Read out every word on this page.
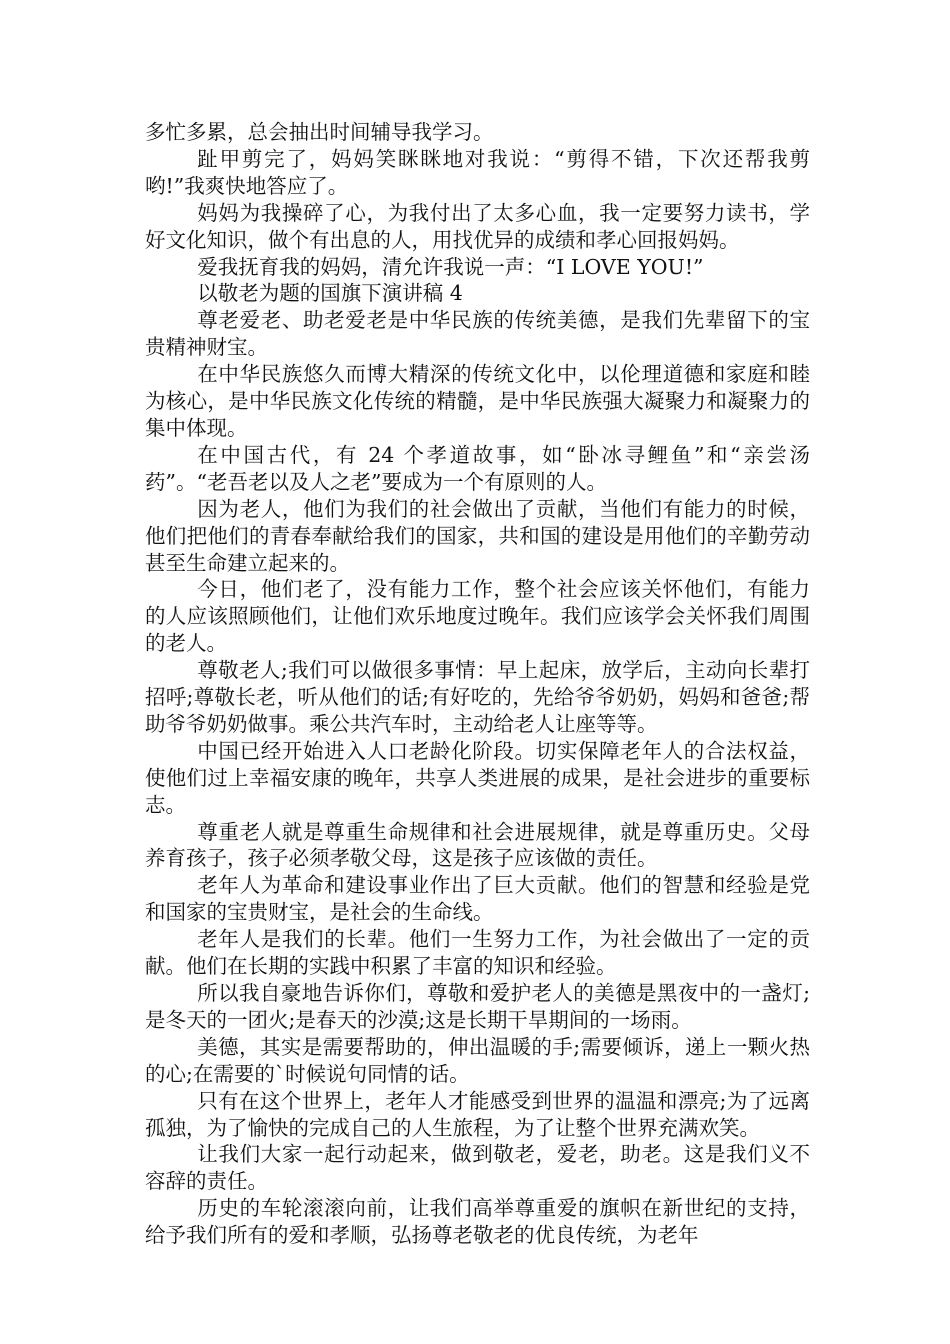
多忙多累，总会抽出时间辅导我学习。

趾甲剪完了，妈妈笑眯眯地对我说：“剪得不错，下次还帮我剪哟!”我爽快地答应了。

妈妈为我操碎了心，为我付出了太多心血，我一定要努力读书，学好文化知识，做个有出息的人，用找优异的成绩和孝心回报妈妈。

爱我抚育我的妈妈，清允许我说一声：“I LOVE YOU!”

以敬老为题的国旗下演讲稿 4

尊老爱老、助老爱老是中华民族的传统美德，是我们先辈留下的宝贵精神财宝。

在中华民族悠久而博大精深的传统文化中，以伦理道德和家庭和睦为核心，是中华民族文化传统的精髓，是中华民族强大凝聚力和凝聚力的集中体现。

在中国古代，有 24 个孝道故事，如“卧冰寻鲤鱼”和“亲尝汤药”。“老吾老以及人之老”要成为一个有原则的人。

因为老人，他们为我们的社会做出了贡献，当他们有能力的时候，他们把他们的青春奉献给我们的国家，共和国的建设是用他们的辛勤劳动甚至生命建立起来的。

今日，他们老了，没有能力工作，整个社会应该关怀他们，有能力的人应该照顾他们，让他们欢乐地度过晚年。我们应该学会关怀我们周围的老人。

尊敬老人;我们可以做很多事情：早上起床，放学后，主动向长辈打招呼;尊敬长老，听从他们的话;有好吃的，先给爷爷奶奶，妈妈和爸爸;帮助爷爷奶奶做事。乘公共汽车时，主动给老人让座等等。

中国已经开始进入人口老龄化阶段。切实保障老年人的合法权益，使他们过上幸福安康的晚年，共享人类进展的成果，是社会进步的重要标志。

尊重老人就是尊重生命规律和社会进展规律，就是尊重历史。父母养育孩子，孩子必须孝敬父母，这是孩子应该做的责任。

老年人为革命和建设事业作出了巨大贡献。他们的智慧和经验是党和国家的宝贵财宝，是社会的生命线。

老年人是我们的长辈。他们一生努力工作，为社会做出了一定的贡献。他们在长期的实践中积累了丰富的知识和经验。

所以我自豪地告诉你们，尊敬和爱护老人的美德是黑夜中的一盏灯;是冬天的一团火;是春天的沙漠;这是长期干旱期间的一场雨。

美德，其实是需要帮助的，伸出温暖的手;需要倾诉，递上一颗火热的心;在需要的`时候说句同情的话。

只有在这个世界上，老年人才能感受到世界的温温和漂亮;为了远离孤独，为了愉快的完成自己的人生旅程，为了让整个世界充满欢笑。

让我们大家一起行动起来，做到敬老，爱老，助老。这是我们义不容辞的责任。

历史的车轮滚滚向前，让我们高举尊重爱的旗帜在新世纪的支持，给予我们所有的爱和孝顺，弘扬尊老敬老的优良传统，为老年
